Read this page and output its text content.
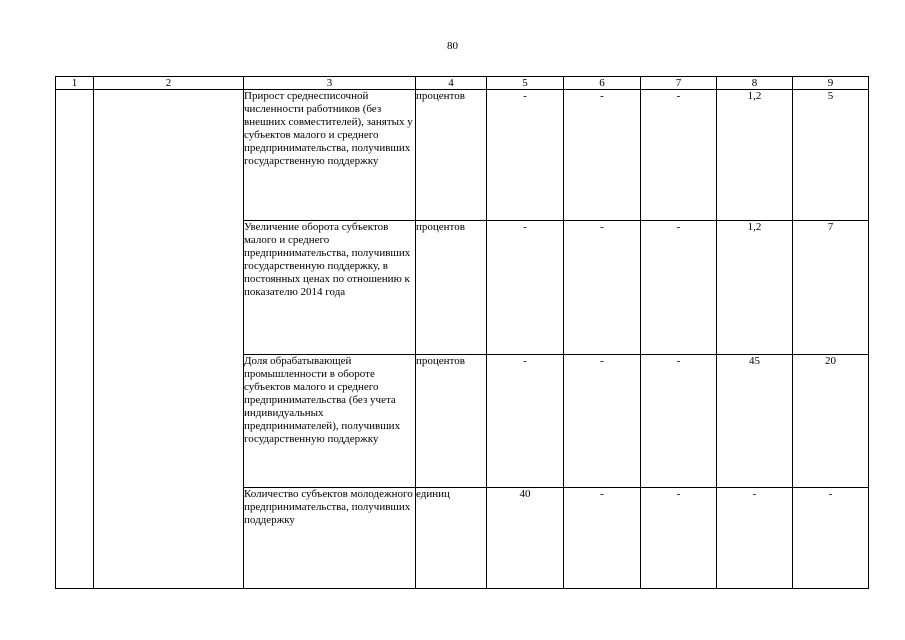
80
1	2	3	4	5	6	7	8	9
		Прирост среднесписочной численности работников (без внешних совместителей), занятых у субъектов малого и среднего предпринимательства, получивших государственную поддержку	процентов	-	-	-	1,2	5
		Увеличение оборота субъектов малого и среднего предпринимательства, получивших государственную поддержку, в постоянных ценах по отношению к показателю 2014 года	процентов	-	-	-	1,2	7
		Доля обрабатывающей промышленности в обороте субъектов малого и среднего предпринимательства (без учета индивидуальных предпринимателей), получивших государственную поддержку	процентов	-	-	-	45	20
		Количество субъектов молодежного предпринимательства, получивших поддержку	единиц	40	-	-	-	-
